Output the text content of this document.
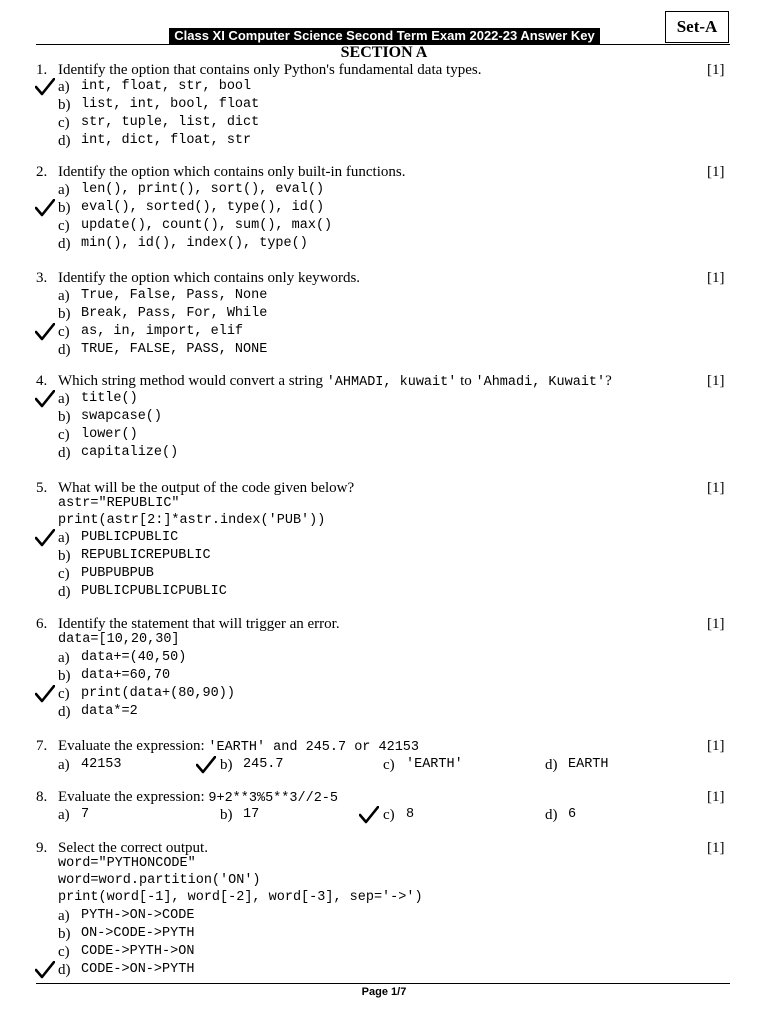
Class XI Computer Science Second Term Exam 2022-23 Answer Key	Set-A
SECTION A
1. Identify the option that contains only Python's fundamental data types.	[1]
a) int, float, str, bool
b) list, int, bool, float
c) str, tuple, list, dict
d) int, dict, float, str
2. Identify the option which contains only built-in functions.	[1]
a) len(), print(), sort(), eval()
b) eval(), sorted(), type(), id()
c) update(), count(), sum(), max()
d) min(), id(), index(), type()
3. Identify the option which contains only keywords.	[1]
a) True, False, Pass, None
b) Break, Pass, For, While
c) as, in, import, elif
d) TRUE, FALSE, PASS, NONE
4. Which string method would convert a string 'AHMADI, kuwait' to 'Ahmadi, Kuwait'?	[1]
a) title()
b) swapcase()
c) lower()
d) capitalize()
5. What will be the output of the code given below?	[1]
astr="REPUBLIC"
print(astr[2:]*astr.index('PUB'))
a) PUBLICPUBLIC
b) REPUBLICREPUBLIC
c) PUBPUBPUB
d) PUBLICPUBLICPUBLIC
6. Identify the statement that will trigger an error.	[1]
data=[10,20,30]
a) data+=(40,50)
b) data+=60,70
c) print(data+(80,90))
d) data*=2
7. Evaluate the expression: 'EARTH' and 245.7 or 42153	[1]
a) 42153	b) 245.7	c) 'EARTH'	d) EARTH
8. Evaluate the expression: 9+2**3%5**3//2-5	[1]
a) 7	b) 17	c) 8	d) 6
9. Select the correct output.	[1]
word="PYTHONCODE"
word=word.partition('ON')
print(word[-1], word[-2], word[-3], sep='->')
a) PYTH->ON->CODE
b) ON->CODE->PYTH
c) CODE->PYTH->ON
d) CODE->ON->PYTH
Page 1/7
